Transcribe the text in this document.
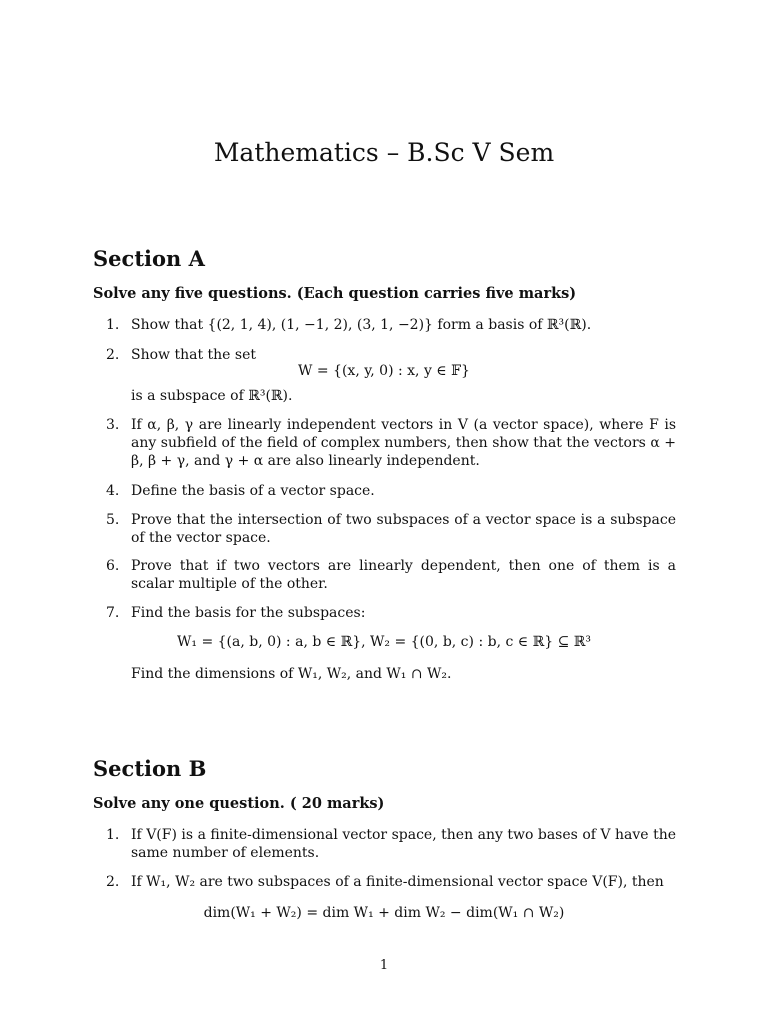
Mathematics – B.Sc V Sem
Section A

Solve any five questions. (Each question carries five marks)

1. Show that {(2, 1, 4), (1, −1, 2), (3, 1, −2)} form a basis of ℝ³(ℝ).
2. Show that the set
W = {(x, y, 0) : x, y ∈ 𝔽}
is a subspace of ℝ³(ℝ).
3. If α, β, γ are linearly independent vectors in V (a vector space), where F is any subfield of the field of complex numbers, then show that the vectors α + β, β + γ, and γ + α are also linearly independent.
4. Define the basis of a vector space.
5. Prove that the intersection of two subspaces of a vector space is a subspace of the vector space.
6. Prove that if two vectors are linearly dependent, then one of them is a scalar multiple of the other.
7. Find the basis for the subspaces:
W₁ = {(a, b, 0) : a, b ∈ ℝ}, W₂ = {(0, b, c) : b, c ∈ ℝ} ⊆ ℝ³
Find the dimensions of W₁, W₂, and W₁ ∩ W₂.
Section B

Solve any one question. ( 20 marks)

1. If V(F) is a finite-dimensional vector space, then any two bases of V have the same number of elements.
2. If W₁, W₂ are two subspaces of a finite-dimensional vector space V(F), then
dim(W₁ + W₂) = dim W₁ + dim W₂ − dim(W₁ ∩ W₂)
1
